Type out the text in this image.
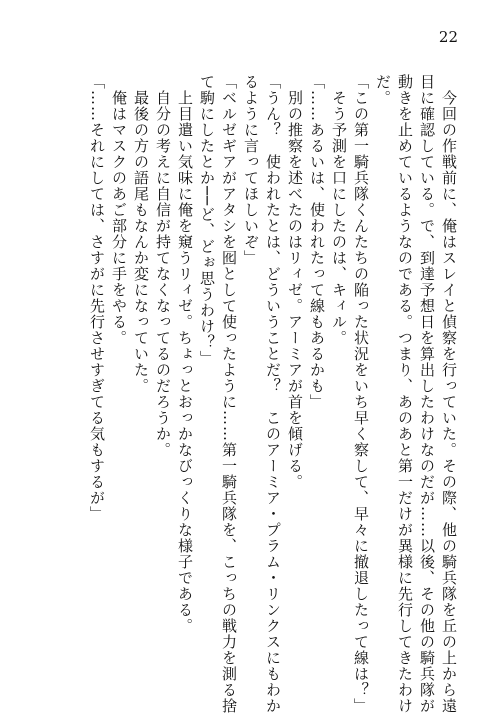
22
　今回の作戦前に、俺はスレイと偵察を行っていた。その際、他の騎兵隊を丘の上から遠
目に確認している。で、到達予想日を算出したわけなのだが……以後、その他の騎兵隊が
動きを止めているようなのである。つまり、あのあと第一だけが異様に先行してきたわけ
だ。
「この第一騎兵隊くんたちの陥った状況をいち早く察して、早々に撤退したって線は？」
　そう予測を口にしたのは、キィル。
「……あるいは、使われたって線もあるかも」
　別の推察を述べたのはリィゼ。アーミアが首を傾げる。
「うん？　使われたとは、どういうことだ？　このアーミア・プラム・リンクスにもわか
るように言ってほしいぞ」
「ベルゼギアがアタシを囮として使ったように……第一騎兵隊を、こっちの戦力を測る捨
て駒にしたとか──ど、どぉ思うわけ？」
　上目遣い気味に俺を窺うリィゼ。ちょっとおっかなびっくりな様子である。
　自分の考えに自信が持てなくなってるのだろうか。
　最後の方の語尾もなんか変になっていた。
　俺はマスクのあご部分に手をやる。
「……それにしては、さすがに先行させすぎてる気もするが」
